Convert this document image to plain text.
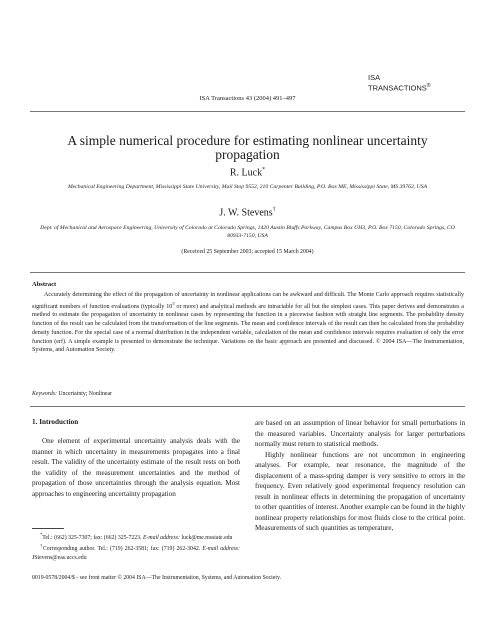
ISA
TRANSACTIONS®
ISA Transactions 43 (2004) 491–497
A simple numerical procedure for estimating nonlinear uncertainty propagation
R. Luck*
Mechanical Engineering Department, Mississippi State University, Mail Stop 9552, 210 Carpenter Building, P.O. Box ME, Mississippi State, MS 39762, USA
J. W. Stevens†
Dept. of Mechanical and Aerospace Engineering, University of Colorado at Colorado Springs, 1420 Austin Bluffs Parkway, Campus Box UH3, P.O. Box 7150, Colorado Springs, CO 80933-7150, USA
(Received 25 September 2003; accepted 15 March 2004)
Abstract

Accurately determining the effect of the propagation of uncertainty in nonlinear applications can be awkward and difficult. The Monte Carlo approach requires statistically significant numbers of function evaluations (typically $10^5$ or more) and analytical methods are intractable for all but the simplest cases. This paper derives and demonstrates a method to estimate the propagation of uncertainty in nonlinear cases by representing the function in a piecewise fashion with straight line segments. The probability density function of the result can be calculated from the transformation of the line segments. The mean and confidence intervals of the result can then be calculated from the probability density function. For the special case of a normal distribution in the independent variable, calculation of the mean and confidence intervals requires evaluation of only the error function (erf). A simple example is presented to demonstrate the technique. Variations on the basic approach are presented and discussed. © 2004 ISA—The Instrumentation, Systems, and Automation Society.

Keywords: Uncertainty; Nonlinear
1. Introduction

One element of experimental uncertainty analysis deals with the manner in which uncertainty in measurements propagates into a final result. The validity of the uncertainty estimate of the result rests on both the validity of the measurement uncertainties and the method of propagation of those uncertainties through the analysis equation. Most approaches to engineering uncertainty propagation

*Tel.: (662) 325-7307; fax: (662) 325-7223. E-mail address: luck@me.msstate.edu

†Corresponding author. Tel.: (719) 262-3581; fax: (719) 262-3042. E-mail address: JStevens@eas.uccs.edu

are based on an assumption of linear behavior for small perturbations in the measured variables. Uncertainty analysis for larger perturbations normally must return to statistical methods.

Highly nonlinear functions are not uncommon in engineering analyses. For example, near resonance, the magnitude of the displacement of a mass-spring damper is very sensitive to errors in the frequency. Even relatively good experimental frequency resolution can result in nonlinear effects in determining the propagation of uncertainty to other quantities of interest. Another example can be found in the highly nonlinear property relationships for most fluids close to the critical point. Measurements of such quantities as temperature,

0019-0578/2004/$ - see front matter © 2004 ISA—The Instrumentation, Systems, and Automation Society.
